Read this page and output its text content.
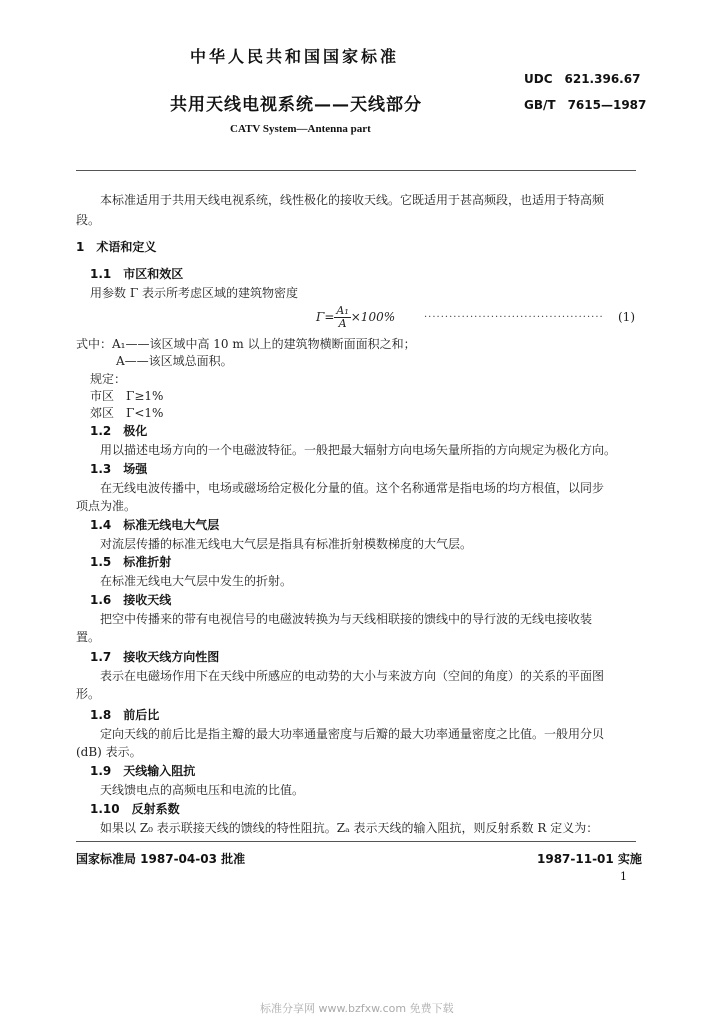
中华人民共和国国家标准
UDC　621.396.67
共用天线电视系统——天线部分	GB/T　7615—1987
CATV System—Antenna part
本标准适用于共用天线电视系统，线性极化的接收天线。它既适用于甚高频段，也适用于特高频
段。
1　术语和定义
1.1　市区和效区
用参数 Γ 表示所考虑区域的建筑物密度
$\Gamma= \frac{\text{A₁}}{A} \times 100\%$	··········································· (1)
式中：A₁——该区域中高 10 m 以上的建筑物横断面面积之和；
A——该区域总面积。
规定：
市区　Γ≥1%
郊区　Γ<1%
1.2　极化
用以描述电场方向的一个电磁波特征。一般把最大辐射方向电场矢量所指的方向规定为极化方向。
1.3　场强
在无线电波传播中，电场或磁场给定极化分量的值。这个名称通常是指电场的均方根值，以同步
项点为准。
1.4　标准无线电大气层
对流层传播的标准无线电大气层是指具有标准折射模数梯度的大气层。
1.5　标准折射
在标准无线电大气层中发生的折射。
1.6　接收天线
把空中传播来的带有电视信号的电磁波转换为与天线相联接的馈线中的导行波的无线电接收装
置。
1.7　接收天线方向性图
表示在电磁场作用下在天线中所感应的电动势的大小与来波方向（空间的角度）的关系的平面图
形。
1.8　前后比
定向天线的前后比是指主瓣的最大功率通量密度与后瓣的最大功率通量密度之比值。一般用分贝
(dB) 表示。
1.9　天线输入阻抗
天线馈电点的高频电压和电流的比值。
1.10　反射系数
如果以 Z₀ 表示联接天线的馈线的特性阻抗。Zₐ 表示天线的输入阻抗，则反射系数 R 定义为：
国家标准局 1987-04-03 批准	1987-11-01 实施
1
标准分享网 www.bzfxw.com 免费下载
